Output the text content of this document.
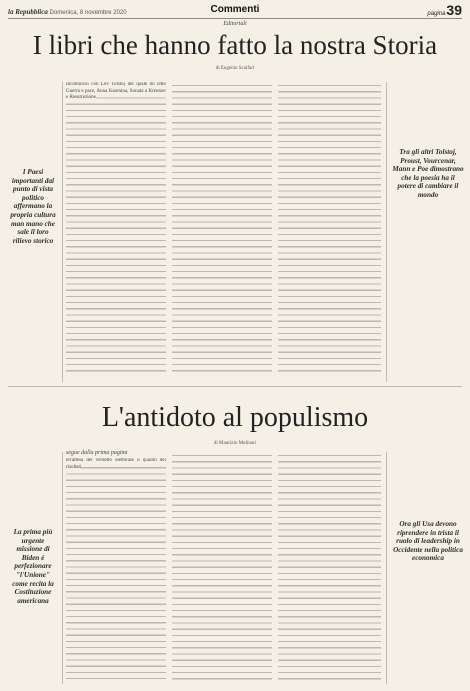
la Repubblica Domenica, 8 novembre 2020	Commenti	pagina39
Editoriali
I libri che hanno fatto la nostra Storia
di Eugenio Scalfari
I Paesi importanti dal punto di vista politico affermano la propria cultura man mano che sale il loro rilievo storico

Incomincio con Lev Tolstoj del quale ho letto Guerra e pace, Anna Karenina, Sonata a Kreutzer e Resurrezione.

Tra gli altri Tolstoj, Proust, Vourcenar, Mann e Poe dimostrano che la poesia ha il potere di cambiare il mondo
L'antidoto al populismo
di Maurizio Molinari
segue dalla prima pagina
La prima più urgente missione di Biden è perfezionare "l'Unione" come recita la Costituzione americana

ell'attesa del verdetto elettorale il quadro dei risultati

Ora gli Usa devono riprendere in trista il ruolo di leadership in Occidente nella politica economica
